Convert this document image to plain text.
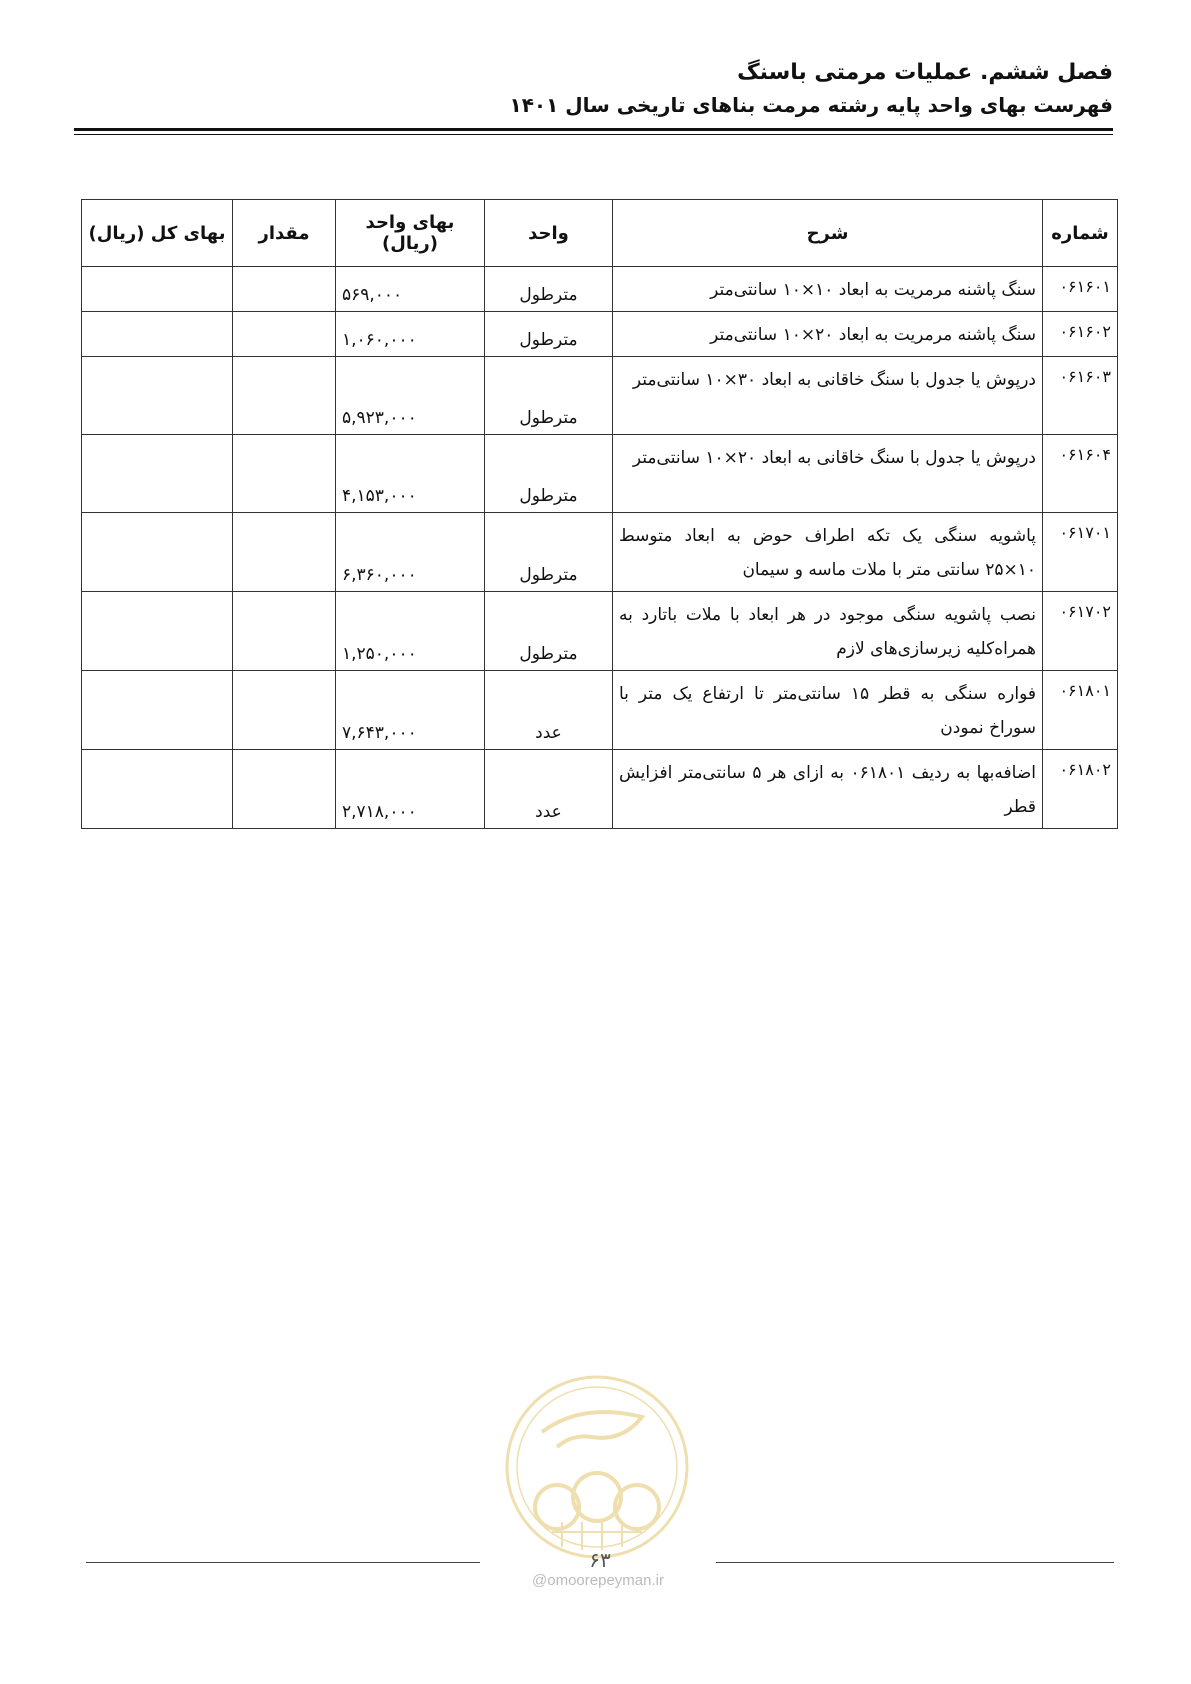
فصل ششم. عملیات مرمتی باسنگ
فهرست بهای واحد پایه رشته مرمت بناهای تاریخی سال ۱۴۰۱
شماره	شرح	واحد	بهای واحد (ریال)	مقدار	بهای کل (ریال)
۰۶۱۶۰۱	سنگ پاشنه مرمریت به ابعاد ۱۰×۱۰ سانتی‌متر	مترطول	۵۶۹,۰۰۰		
۰۶۱۶۰۲	سنگ پاشنه مرمریت به ابعاد ۲۰×۱۰ سانتی‌متر	مترطول	۱,۰۶۰,۰۰۰		
۰۶۱۶۰۳	درپوش یا جدول با سنگ خاقانی به ابعاد ۳۰×۱۰ سانتی‌متر	مترطول	۵,۹۲۳,۰۰۰		
۰۶۱۶۰۴	درپوش یا جدول با سنگ خاقانی به ابعاد ۲۰×۱۰ سانتی‌متر	مترطول	۴,۱۵۳,۰۰۰		
۰۶۱۷۰۱	پاشویه سنگی یک تکه اطراف حوض به ابعاد متوسط ۱۰×۲۵ سانتی متر با ملات ماسه و سیمان	مترطول	۶,۳۶۰,۰۰۰		
۰۶۱۷۰۲	نصب پاشویه سنگی موجود در هر ابعاد با ملات باتارد به همراه‌کلیه زیرسازی‌های لازم	مترطول	۱,۲۵۰,۰۰۰		
۰۶۱۸۰۱	فواره سنگی به قطر ۱۵ سانتی‌متر تا ارتفاع یک متر با سوراخ نمودن	عدد	۷,۶۴۳,۰۰۰		
۰۶۱۸۰۲	اضافه‌بها به ردیف ۰۶۱۸۰۱ به ازای هر ۵ سانتی‌متر افزایش قطر	عدد	۲,۷۱۸,۰۰۰		
۶۳
@omoorepeyman.ir
